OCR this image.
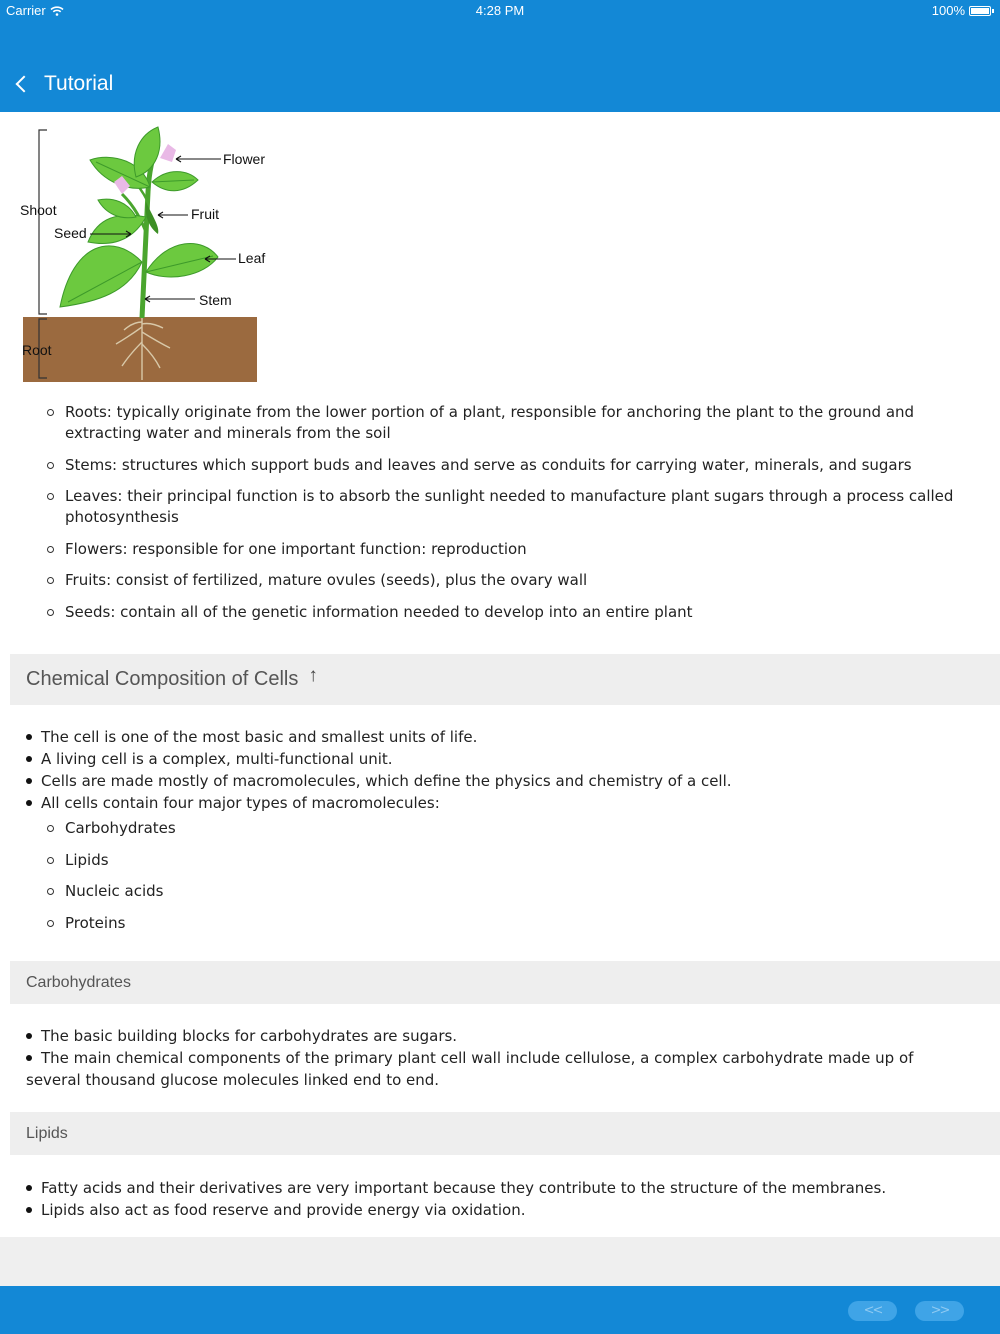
Carrier	4:28 PM	100%
Tutorial
Flower
Fruit
Shoot
Seed
Leaf
Stem
Root
Roots: typically originate from the lower portion of a plant, responsible for anchoring the plant to the ground and extracting water and minerals from the soil
Stems: structures which support buds and leaves and serve as conduits for carrying water, minerals, and sugars
Leaves: their principal function is to absorb the sunlight needed to manufacture plant sugars through a process called photosynthesis
Flowers: responsible for one important function: reproduction
Fruits: consist of fertilized, mature ovules (seeds), plus the ovary wall
Seeds: contain all of the genetic information needed to develop into an entire plant
Chemical Composition of Cells ↑
The cell is one of the most basic and smallest units of life.
A living cell is a complex, multi-functional unit.
Cells are made mostly of macromolecules, which define the physics and chemistry of a cell.
All cells contain four major types of macromolecules:
Carbohydrates
Lipids
Nucleic acids
Proteins
Carbohydrates
The basic building blocks for carbohydrates are sugars.
The main chemical components of the primary plant cell wall include cellulose, a complex carbohydrate made up of several thousand glucose molecules linked end to end.
Lipids
Fatty acids and their derivatives are very important because they contribute to the structure of the membranes.
Lipids also act as food reserve and provide energy via oxidation.
<<	>>
